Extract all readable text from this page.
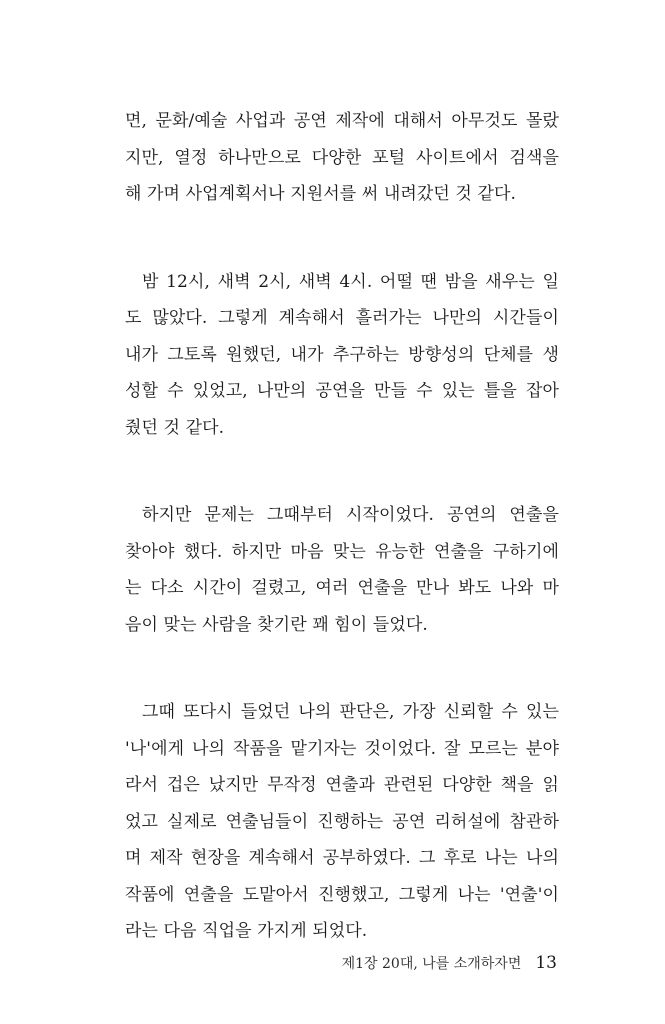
면, 문화/예술 사업과 공연 제작에 대해서 아무것도 몰랐
지만, 열정 하나만으로 다양한 포털 사이트에서 검색을
해 가며 사업계획서나 지원서를 써 내려갔던 것 같다.

밤 12시, 새벽 2시, 새벽 4시. 어떨 땐 밤을 새우는 일
도 많았다. 그렇게 계속해서 흘러가는 나만의 시간들이
내가 그토록 원했던, 내가 추구하는 방향성의 단체를 생
성할 수 있었고, 나만의 공연을 만들 수 있는 틀을 잡아
줬던 것 같다.

하지만 문제는 그때부터 시작이었다. 공연의 연출을
찾아야 했다. 하지만 마음 맞는 유능한 연출을 구하기에
는 다소 시간이 걸렸고, 여러 연출을 만나 봐도 나와 마
음이 맞는 사람을 찾기란 꽤 힘이 들었다.

그때 또다시 들었던 나의 판단은, 가장 신뢰할 수 있는
'나'에게 나의 작품을 맡기자는 것이었다. 잘 모르는 분야
라서 겁은 났지만 무작정 연출과 관련된 다양한 책을 읽
었고 실제로 연출님들이 진행하는 공연 리허설에 참관하
며 제작 현장을 계속해서 공부하였다. 그 후로 나는 나의
작품에 연출을 도맡아서 진행했고, 그렇게 나는 '연출'이
라는 다음 직업을 가지게 되었다.

제1장 20대, 나를 소개하자면 13
